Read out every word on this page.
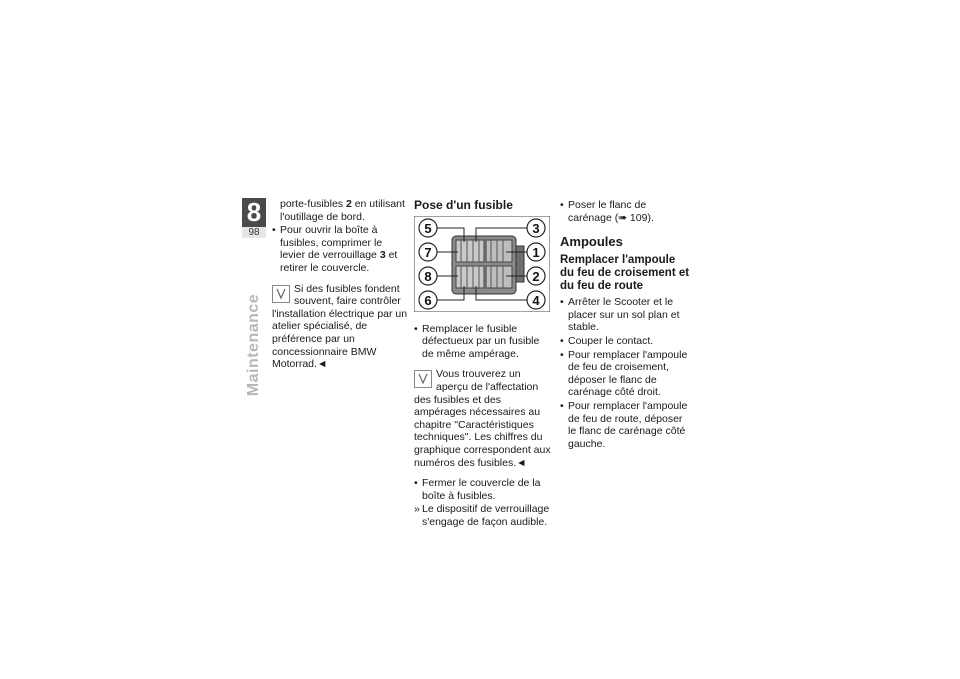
8
98
Maintenance

porte-fusibles 2 en utilisant l'outillage de bord.

• Pour ouvrir la boîte à fusibles, comprimer le levier de verrouillage 3 et retirer le couvercle.
Si des fusibles fondent souvent, faire contrôler l'installation électrique par un atelier spécialisé, de préférence par un concessionnaire BMW Motorrad.◄
Pose d'un fusible
5	3
7	1
8	2
6	4
• Remplacer le fusible défectueux par un fusible de même ampérage.
Vous trouverez un aperçu de l'affectation des fusibles et des ampérages nécessaires au chapitre "Caractéristiques techniques". Les chiffres du graphique correspondent aux numéros des fusibles.◄
• Fermer le couvercle de la boîte à fusibles.
» Le dispositif de verrouillage s'engage de façon audible.
• Poser le flanc de carénage (➠ 109).
Ampoules
Remplacer l'ampoule du feu de croisement et du feu de route
• Arrêter le Scooter et le placer sur un sol plan et stable.
• Couper le contact.
• Pour remplacer l'ampoule de feu de croisement, déposer le flanc de carénage côté droit.
• Pour remplacer l'ampoule de feu de route, déposer le flanc de carénage côté gauche.
